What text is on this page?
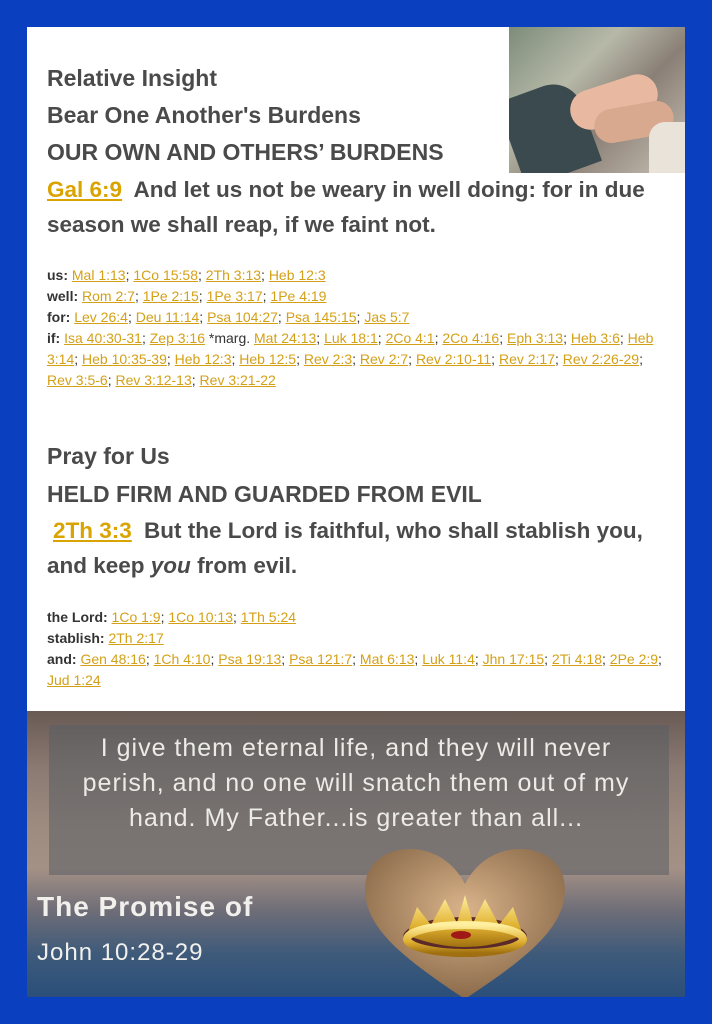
Relative Insight
Bear One Another's Burdens
OUR OWN AND OTHERS’ BURDENS

Gal 6:9 And let us not be weary in well doing: for in due season we shall reap, if we faint not.

us: Mal 1:13; 1Co 15:58; 2Th 3:13; Heb 12:3
well: Rom 2:7; 1Pe 2:15; 1Pe 3:17; 1Pe 4:19
for: Lev 26:4; Deu 11:14; Psa 104:27; Psa 145:15; Jas 5:7
if: Isa 40:30-31; Zep 3:16 *marg. Mat 24:13; Luk 18:1; 2Co 4:1; 2Co 4:16; Eph 3:13; Heb 3:6; Heb 3:14; Heb 10:35-39; Heb 12:3; Heb 12:5; Rev 2:3; Rev 2:7; Rev 2:10-11; Rev 2:17; Rev 2:26-29; Rev 3:5-6; Rev 3:12-13; Rev 3:21-22
Pray for Us
HELD FIRM AND GUARDED FROM EVIL

2Th 3:3 But the Lord is faithful, who shall stablish you, and keep you from evil.

the Lord: 1Co 1:9; 1Co 10:13; 1Th 5:24
stablish: 2Th 2:17
and: Gen 48:16; 1Ch 4:10; Psa 19:13; Psa 121:7; Mat 6:13; Luk 11:4; Jhn 17:15; 2Ti 4:18; 2Pe 2:9; Jud 1:24
I give them eternal life, and they will never perish, and no one will snatch them out of my hand. My Father...is greater than all...
The Promise of
John 10:28-29
